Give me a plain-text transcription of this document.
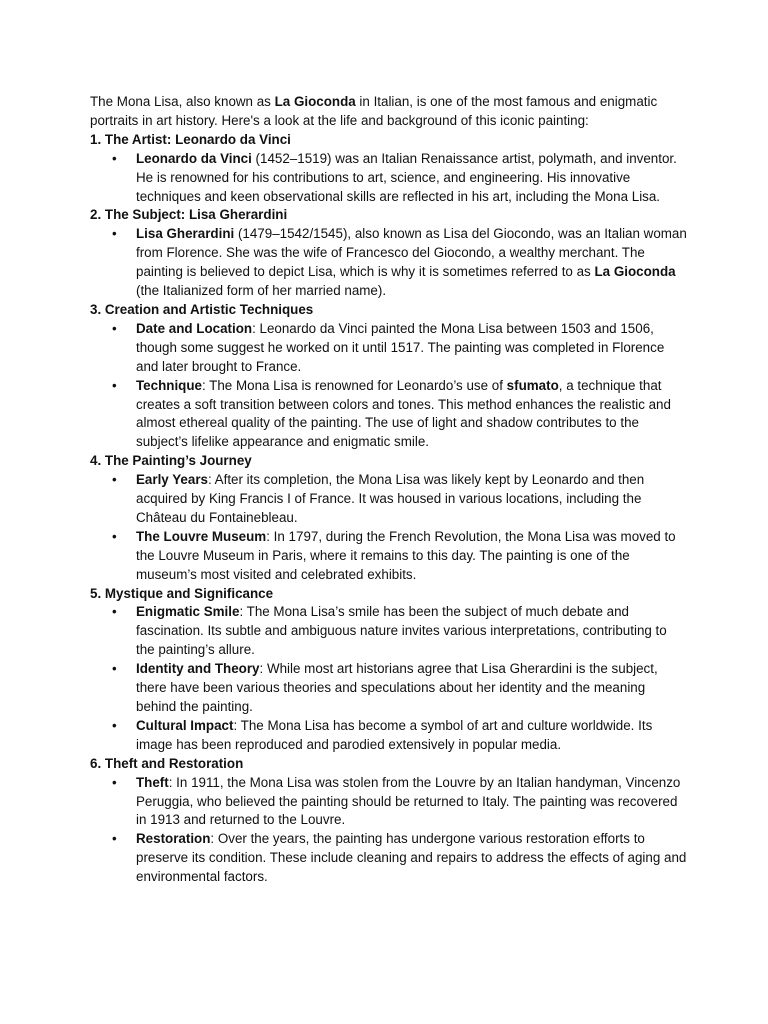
The Mona Lisa, also known as La Gioconda in Italian, is one of the most famous and enigmatic portraits in art history. Here's a look at the life and background of this iconic painting:

1. The Artist: Leonardo da Vinci

• Leonardo da Vinci (1452–1519) was an Italian Renaissance artist, polymath, and inventor. He is renowned for his contributions to art, science, and engineering. His innovative techniques and keen observational skills are reflected in his art, including the Mona Lisa.

2. The Subject: Lisa Gherardini

• Lisa Gherardini (1479–1542/1545), also known as Lisa del Giocondo, was an Italian woman from Florence. She was the wife of Francesco del Giocondo, a wealthy merchant. The painting is believed to depict Lisa, which is why it is sometimes referred to as La Gioconda (the Italianized form of her married name).

3. Creation and Artistic Techniques

• Date and Location: Leonardo da Vinci painted the Mona Lisa between 1503 and 1506, though some suggest he worked on it until 1517. The painting was completed in Florence and later brought to France.
• Technique: The Mona Lisa is renowned for Leonardo’s use of sfumato, a technique that creates a soft transition between colors and tones. This method enhances the realistic and almost ethereal quality of the painting. The use of light and shadow contributes to the subject’s lifelike appearance and enigmatic smile.

4. The Painting’s Journey

• Early Years: After its completion, the Mona Lisa was likely kept by Leonardo and then acquired by King Francis I of France. It was housed in various locations, including the Château du Fontainebleau.
• The Louvre Museum: In 1797, during the French Revolution, the Mona Lisa was moved to the Louvre Museum in Paris, where it remains to this day. The painting is one of the museum’s most visited and celebrated exhibits.

5. Mystique and Significance

• Enigmatic Smile: The Mona Lisa’s smile has been the subject of much debate and fascination. Its subtle and ambiguous nature invites various interpretations, contributing to the painting’s allure.
• Identity and Theory: While most art historians agree that Lisa Gherardini is the subject, there have been various theories and speculations about her identity and the meaning behind the painting.
• Cultural Impact: The Mona Lisa has become a symbol of art and culture worldwide. Its image has been reproduced and parodied extensively in popular media.

6. Theft and Restoration

• Theft: In 1911, the Mona Lisa was stolen from the Louvre by an Italian handyman, Vincenzo Peruggia, who believed the painting should be returned to Italy. The painting was recovered in 1913 and returned to the Louvre.
• Restoration: Over the years, the painting has undergone various restoration efforts to preserve its condition. These include cleaning and repairs to address the effects of aging and environmental factors.
